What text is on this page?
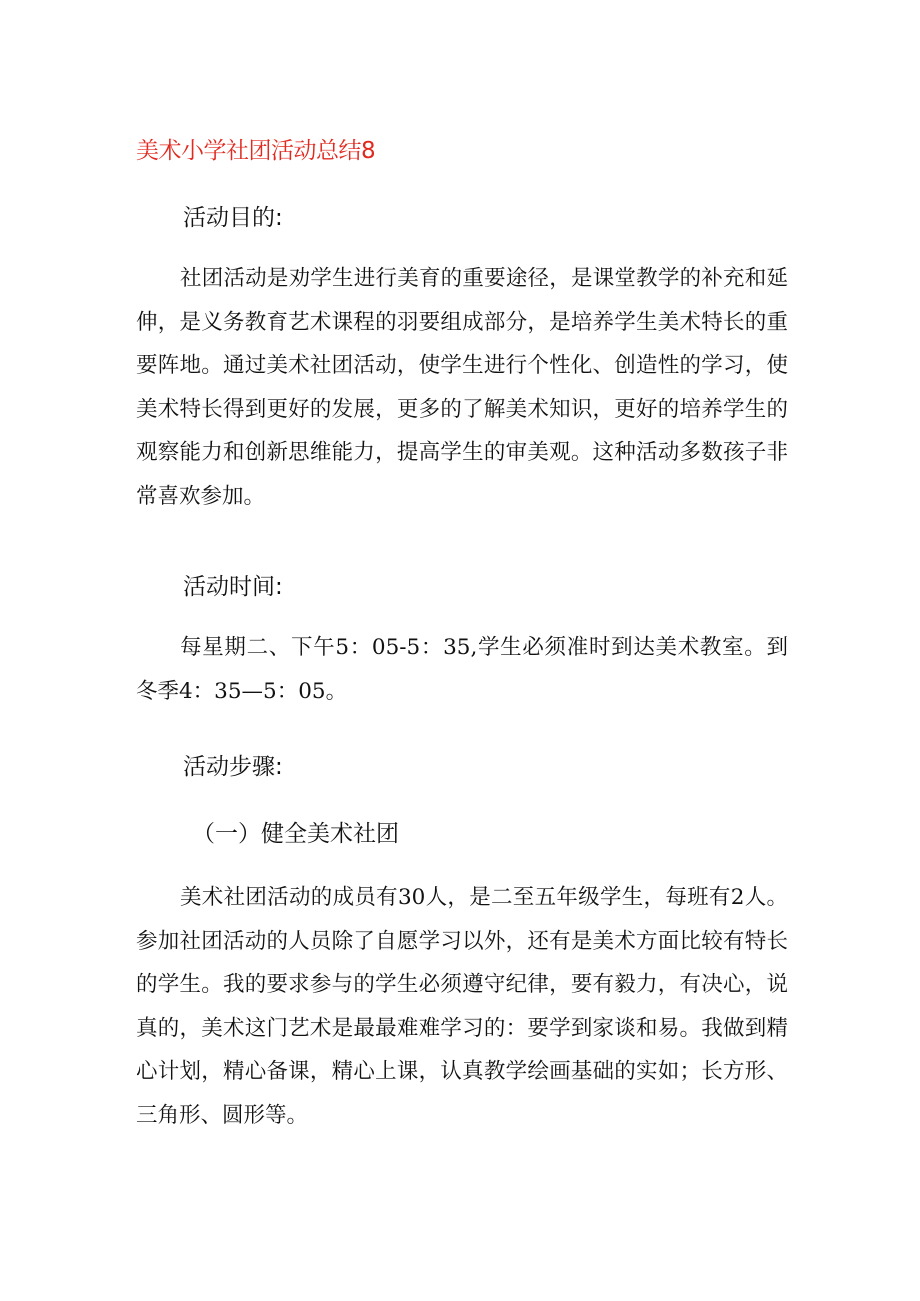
美术小学社团活动总结8
活动目的:
社团活动是劝学生进行美育的重要途径，是课堂教学的补充和延伸，是义务教育艺术课程的羽要组成部分，是培养学生美术特长的重要阵地。通过美术社团活动，使学生进行个性化、创造性的学习，使美术特长得到更好的发展，更多的了解美术知识，更好的培养学生的观察能力和创新思维能力，提高学生的审美观。这种活动多数孩子非常喜欢参加。
活动时间:
每星期二、下午5：05-5：35,学生必须准时到达美术教室。到冬季4：35—5：05。
活动步骤:
（一）健全美术社团
美术社团活动的成员有30人，是二至五年级学生，每班有2人。参加社团活动的人员除了自愿学习以外，还有是美术方面比较有特长的学生。我的要求参与的学生必须遵守纪律，要有毅力，有决心，说真的，美术这门艺术是最最难难学习的：要学到家谈和易。我做到精心计划，精心备课，精心上课，认真教学绘画基础的实如；长方形、三角形、圆形等。
